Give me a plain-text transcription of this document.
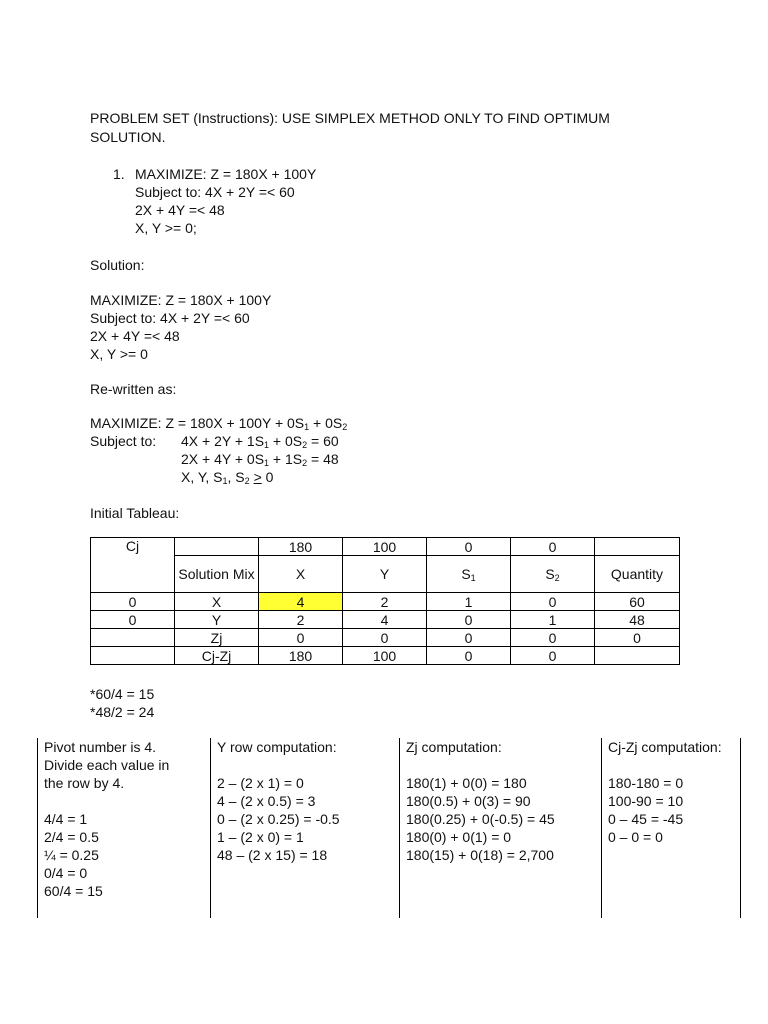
PROBLEM SET (Instructions): USE SIMPLEX METHOD ONLY TO FIND OPTIMUM
SOLUTION.
1. MAXIMIZE: Z = 180X + 100Y
Subject to: 4X + 2Y =< 60
2X + 4Y =< 48
X, Y >= 0;
Solution:
MAXIMIZE: Z = 180X + 100Y
Subject to: 4X + 2Y =< 60
2X + 4Y =< 48
X, Y >= 0
Re-written as:
MAXIMIZE: $Z = 180X + 100Y + 0S_1 + 0S_2$
Subject to: $4X + 2Y + 1S_1 + 0S_2 = 60$
$2X + 4Y + 0S_1 + 1S_2 = 48$
X, Y, $S_1$, $S_2 > 0$
Initial Tableau:
Cj		180	100	0	0	
	Solution Mix	X	Y	$S_1$	$S_2$	Quantity
0	X	4	2	1	0	60
0	Y	2	4	0	1	48
	Zj	0	0	0	0	0
	Cj-Zj	180	100	0	0	
*60/4 = 15
*48/2 = 24
Pivot number is 4.
Divide each value in
the row by 4.

4/4 = 1
2/4 = 0.5
¼ = 0.25
0/4 = 0
60/4 = 15
Y row computation:

2 – (2 x 1) = 0
4 – (2 x 0.5) = 3
0 – (2 x 0.25) = -0.5
1 – (2 x 0) = 1
48 – (2 x 15) = 18
Zj computation:

180(1) + 0(0) = 180
180(0.5) + 0(3) = 90
180(0.25) + 0(-0.5) = 45
180(0) + 0(1) = 0
180(15) + 0(18) = 2,700
Cj-Zj computation:

180-180 = 0
100-90 = 10
0 – 45 = -45
0 – 0 = 0
